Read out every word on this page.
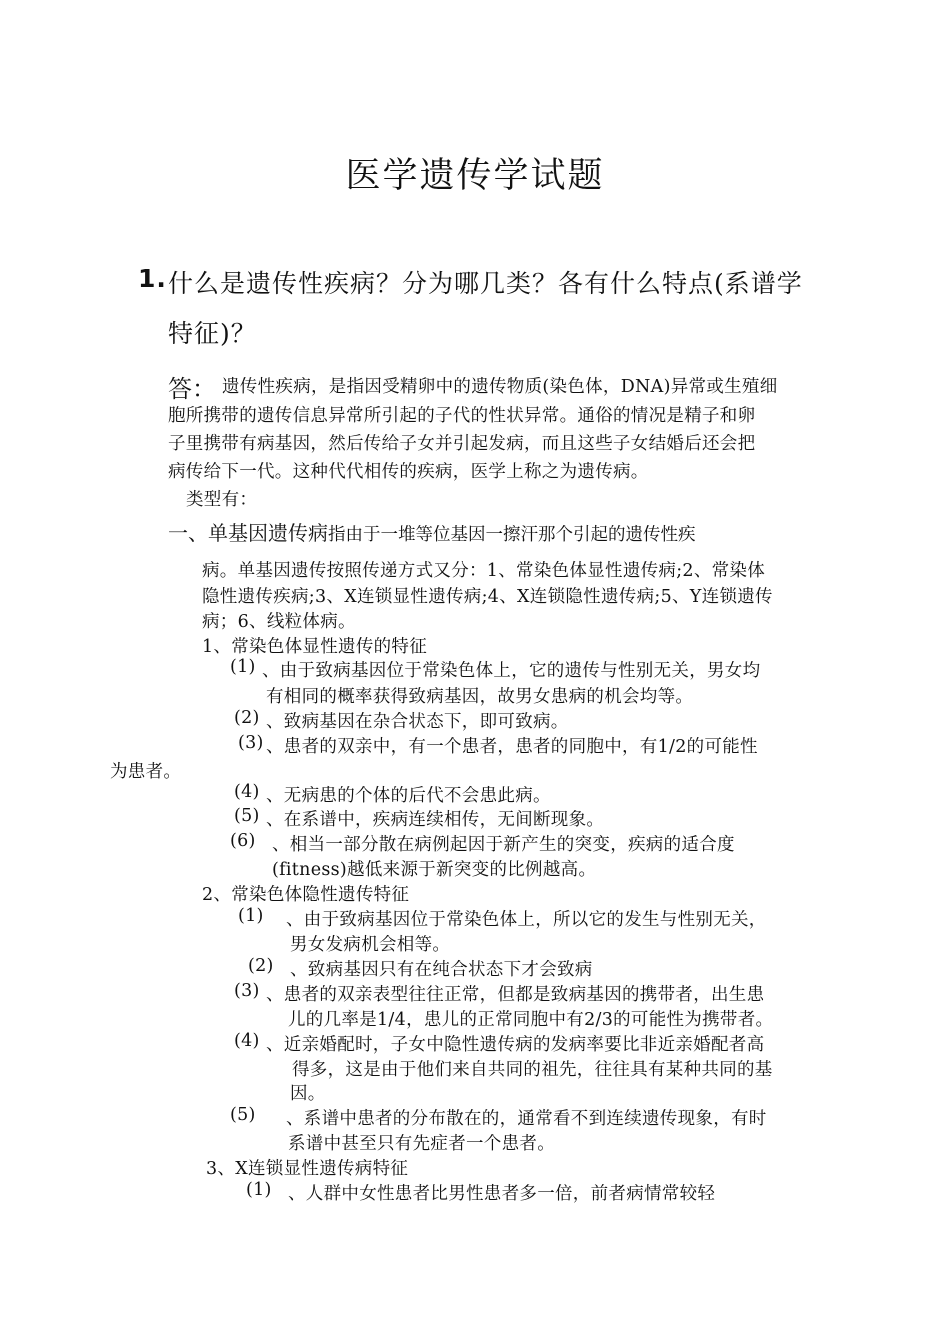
医学遗传学试题
1. 什么是遗传性疾病？分为哪几类？各有什么特点(系谱学
特征)？
答： 遗传性疾病，是指因受精卵中的遗传物质(染色体，DNA)异常或生殖细
胞所携带的遗传信息异常所引起的子代的性状异常。通俗的情况是精子和卵
子里携带有病基因，然后传给子女并引起发病，而且这些子女结婚后还会把
病传给下一代。这种代代相传的疾病，医学上称之为遗传病。
类型有：
一、单基因遗传病指由于一堆等位基因一擦汗那个引起的遗传性疾
病。单基因遗传按照传递方式又分：1、常染色体显性遗传病;2、常染体
隐性遗传疾病;3、X连锁显性遗传病;4、X连锁隐性遗传病;5、Y连锁遗传
病；6、线粒体病。
1、常染色体显性遗传的特征
(1) 、由于致病基因位于常染色体上，它的遗传与性别无关，男女均
有相同的概率获得致病基因，故男女患病的机会均等。
(2) 、致病基因在杂合状态下，即可致病。
(3) 、患者的双亲中，有一个患者，患者的同胞中，有1/2的可能性
为患者。
(4) 、无病患的个体的后代不会患此病。
(5) 、在系谱中，疾病连续相传，无间断现象。
(6) 、相当一部分散在病例起因于新产生的突变，疾病的适合度
(fitness)越低来源于新突变的比例越高。
2、常染色体隐性遗传特征
(1) 、由于致病基因位于常染色体上，所以它的发生与性别无关，
男女发病机会相等。
(2) 、致病基因只有在纯合状态下才会致病
(3) 、患者的双亲表型往往正常，但都是致病基因的携带者，出生患
儿的几率是1/4，患儿的正常同胞中有2/3的可能性为携带者。
(4) 、近亲婚配时，子女中隐性遗传病的发病率要比非近亲婚配者高
得多，这是由于他们来自共同的祖先，往往具有某种共同的基
因。
(5) 、系谱中患者的分布散在的，通常看不到连续遗传现象，有时
系谱中甚至只有先症者一个患者。
3、X连锁显性遗传病特征
(1) 、人群中女性患者比男性患者多一倍，前者病情常较轻
